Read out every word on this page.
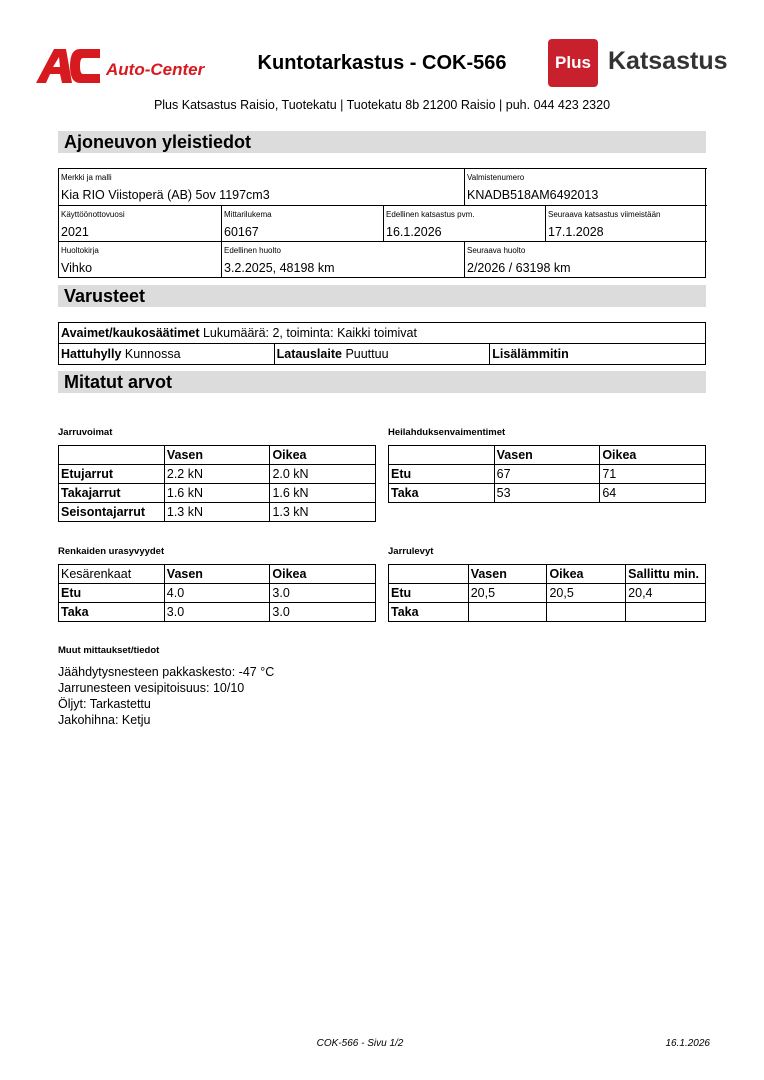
Auto-Center	Kuntotarkastus - COK-566	Plus Katsastus
Plus Katsastus Raisio, Tuotekatu | Tuotekatu 8b 21200 Raisio | puh. 044 423 2320
Ajoneuvon yleistiedot
Merkki ja malli
Kia RIO Viistoperä (AB) 5ov 1197cm3
Valmistenumero
KNADB518AM6492013
Käyttöönottovuosi
2021
Mittarilukema
60167
Edellinen katsastus pvm.
16.1.2026
Seuraava katsastus viimeistään
17.1.2028
Huoltokirja
Vihko
Edellinen huolto
3.2.2025, 48198 km
Seuraava huolto
2/2026 / 63198 km
Varusteet
Avaimet/kaukosäätimet Lukumäärä: 2, toiminta: Kaikki toimivat
Hattuhylly Kunnossa	Latauslaite Puuttuu	Lisälämmitin
Mitatut arvot
Jarruvoimat
	Vasen	Oikea
Etujarrut	2.2 kN	2.0 kN
Takajarrut	1.6 kN	1.6 kN
Seisontajarrut	1.3 kN	1.3 kN
Heilahduksenvaimentimet
	Vasen	Oikea
Etu	67	71
Taka	53	64
Renkaiden urasyvyydet
Kesärenkaat	Vasen	Oikea
Etu	4.0	3.0
Taka	3.0	3.0
Jarrulevyt
	Vasen	Oikea	Sallittu min.
Etu	20,5	20,5	20,4
Taka			
Muut mittaukset/tiedot
Jäähdytysnesteen pakkaskesto: -47 °C
Jarrunesteen vesipitoisuus: 10/10
Öljyt: Tarkastettu
Jakohihna: Ketju
COK-566 - Sivu 1/2	16.1.2026
